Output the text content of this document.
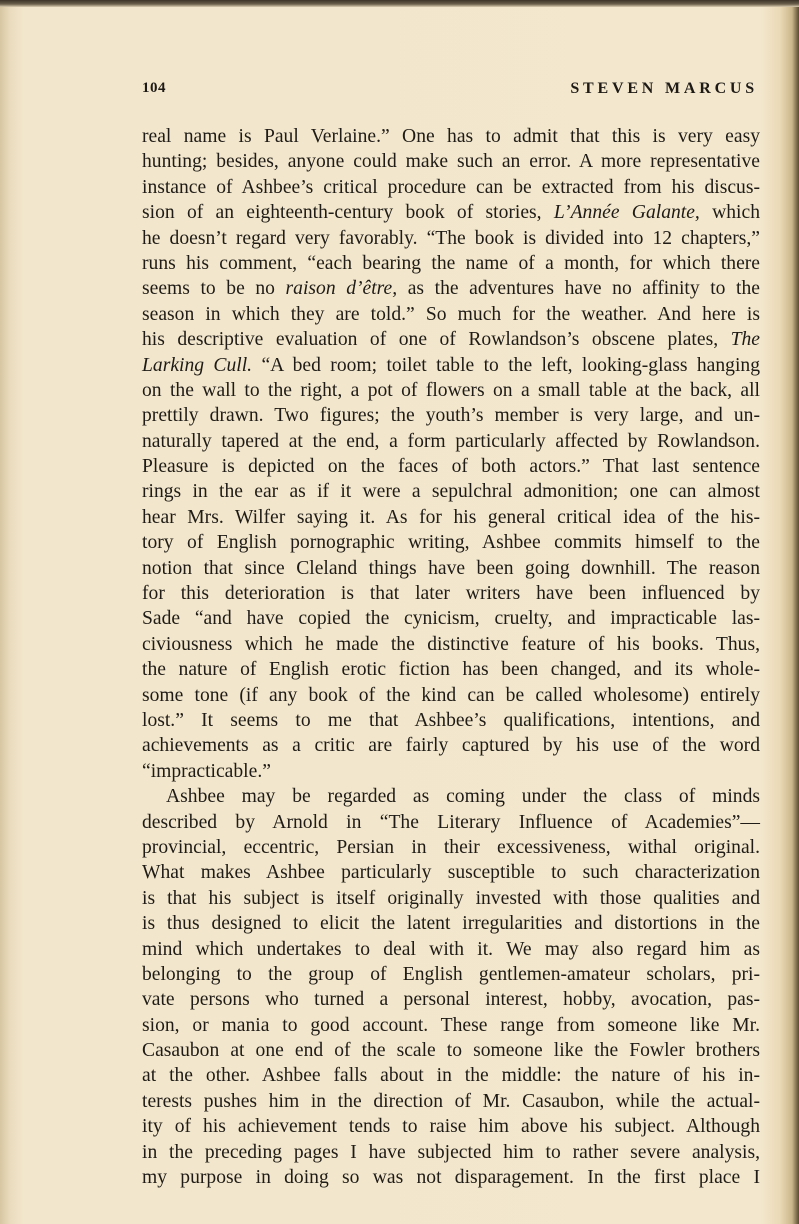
104	STEVEN MARCUS
real name is Paul Verlaine.” One has to admit that this is very easy
hunting; besides, anyone could make such an error. A more representative
instance of Ashbee’s critical procedure can be extracted from his discus-
sion of an eighteenth-century book of stories, L’Année Galante, which
he doesn’t regard very favorably. “The book is divided into 12 chapters,”
runs his comment, “each bearing the name of a month, for which there
seems to be no raison d’être, as the adventures have no affinity to the
season in which they are told.” So much for the weather. And here is
his descriptive evaluation of one of Rowlandson’s obscene plates, The
Larking Cull. “A bed room; toilet table to the left, looking-glass hanging
on the wall to the right, a pot of flowers on a small table at the back, all
prettily drawn. Two figures; the youth’s member is very large, and un-
naturally tapered at the end, a form particularly affected by Rowlandson.
Pleasure is depicted on the faces of both actors.” That last sentence
rings in the ear as if it were a sepulchral admonition; one can almost
hear Mrs. Wilfer saying it. As for his general critical idea of the his-
tory of English pornographic writing, Ashbee commits himself to the
notion that since Cleland things have been going downhill. The reason
for this deterioration is that later writers have been influenced by
Sade “and have copied the cynicism, cruelty, and impracticable las-
civiousness which he made the distinctive feature of his books. Thus,
the nature of English erotic fiction has been changed, and its whole-
some tone (if any book of the kind can be called wholesome) entirely
lost.” It seems to me that Ashbee’s qualifications, intentions, and
achievements as a critic are fairly captured by his use of the word
“impracticable.”
Ashbee may be regarded as coming under the class of minds
described by Arnold in “The Literary Influence of Academies”—
provincial, eccentric, Persian in their excessiveness, withal original.
What makes Ashbee particularly susceptible to such characterization
is that his subject is itself originally invested with those qualities and
is thus designed to elicit the latent irregularities and distortions in the
mind which undertakes to deal with it. We may also regard him as
belonging to the group of English gentlemen-amateur scholars, pri-
vate persons who turned a personal interest, hobby, avocation, pas-
sion, or mania to good account. These range from someone like Mr.
Casaubon at one end of the scale to someone like the Fowler brothers
at the other. Ashbee falls about in the middle: the nature of his in-
terests pushes him in the direction of Mr. Casaubon, while the actual-
ity of his achievement tends to raise him above his subject. Although
in the preceding pages I have subjected him to rather severe analysis,
my purpose in doing so was not disparagement. In the first place I
